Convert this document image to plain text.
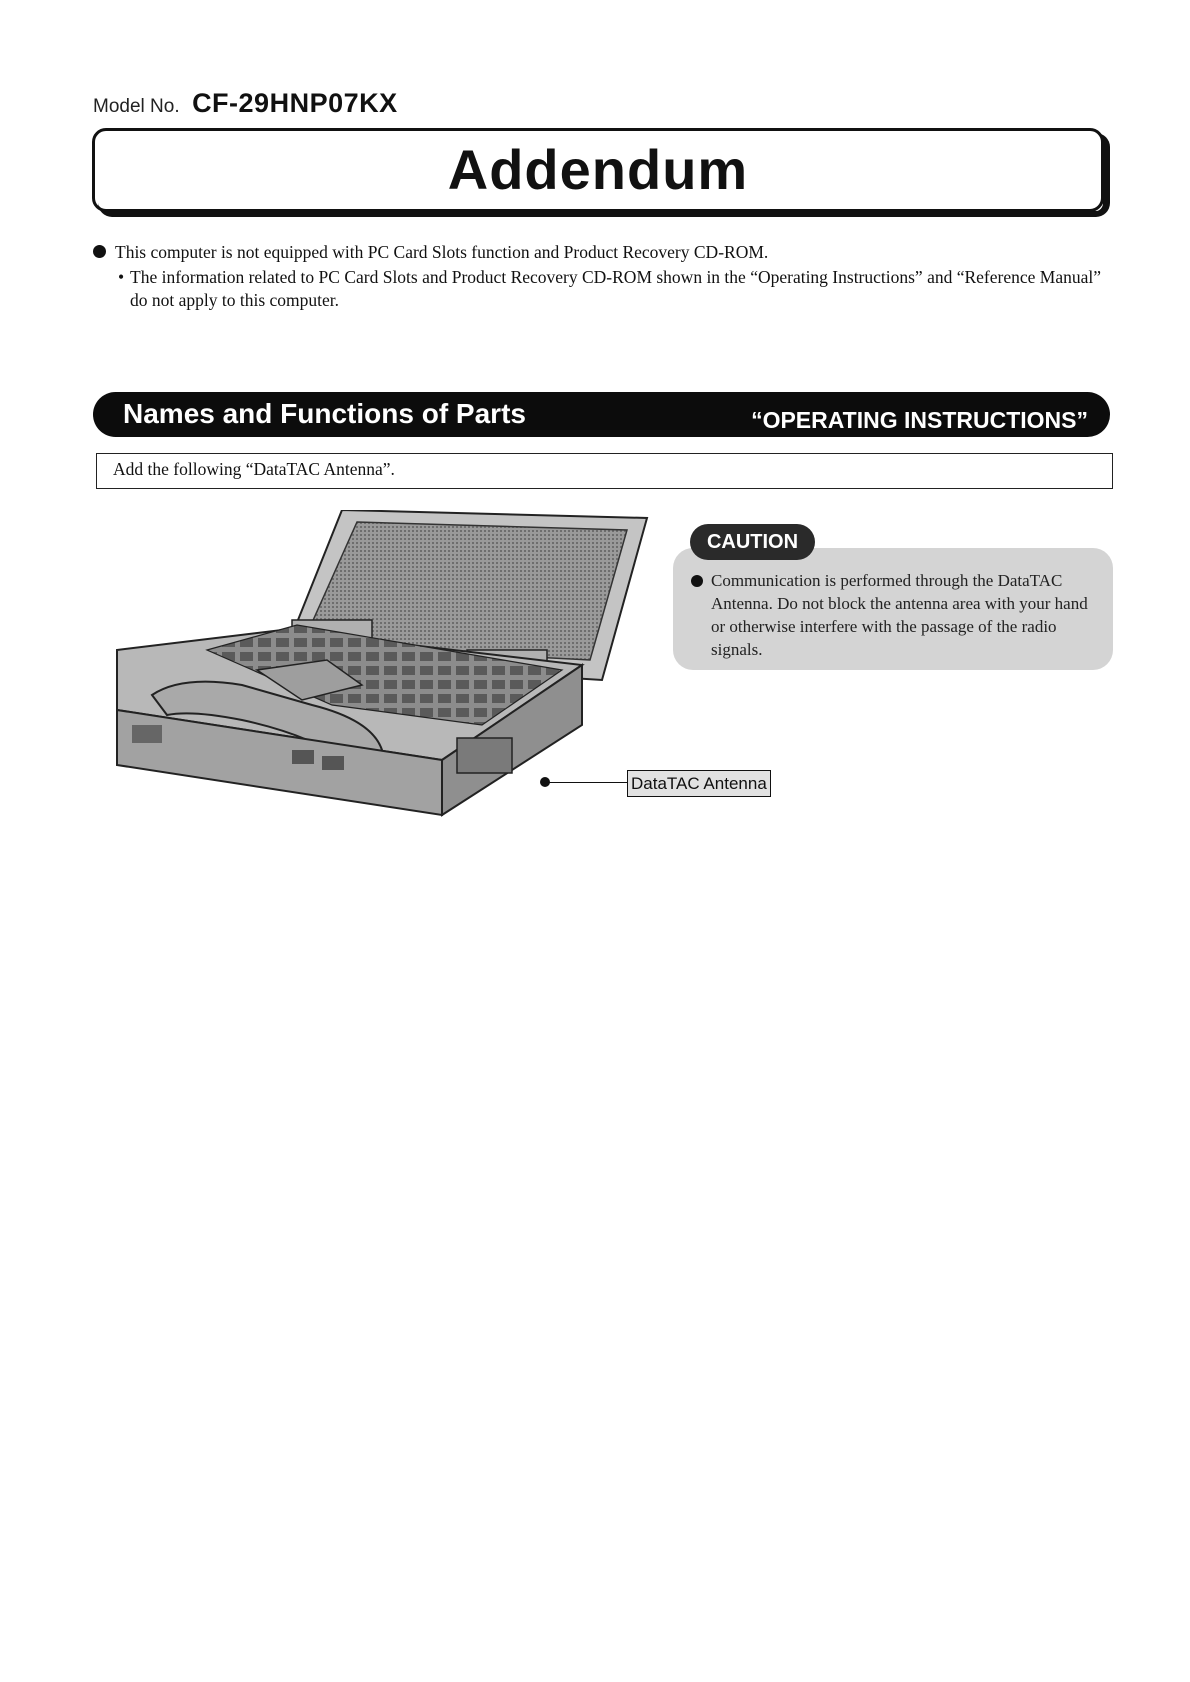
Model No. CF-29HNP07KX
Addendum
This computer is not equipped with PC Card Slots function and Product Recovery CD-ROM.
• The information related to PC Card Slots and Product Recovery CD-ROM shown in the “Operating Instructions” and “Reference Manual” do not apply to this computer.
Names and Functions of Parts	“OPERATING INSTRUCTIONS”
Add the following “DataTAC Antenna”.
CAUTION
Communication is performed through the DataTAC Antenna. Do not block the antenna area with your hand or otherwise interfere with the passage of the radio signals.
DataTAC Antenna
